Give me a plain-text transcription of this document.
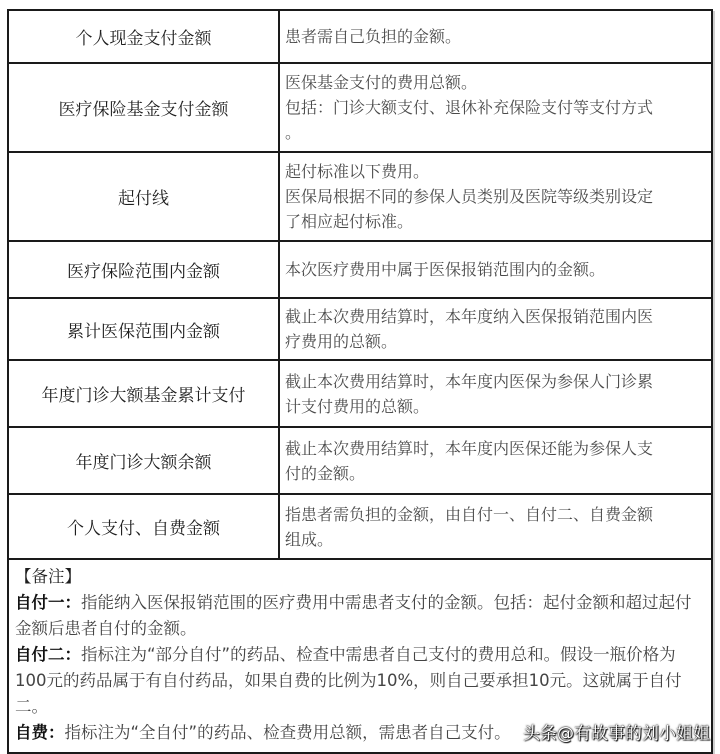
个人现金支付金额	患者需自己负担的金额。

医疗保险基金支付金额	医保基金支付的费用总额。
包括：门诊大额支付、退休补充保险支付等支付方式
。

起付线	起付标准以下费用。
医保局根据不同的参保人员类别及医院等级类别设定
了相应起付标准。

医疗保险范围内金额	本次医疗费用中属于医保报销范围内的金额。

累计医保范围内金额	截止本次费用结算时，本年度纳入医保报销范围内医
疗费用的总额。

年度门诊大额基金累计支付	截止本次费用结算时，本年度内医保为参保人门诊累
计支付费用的总额。

年度门诊大额余额	截止本次费用结算时，本年度内医保还能为参保人支
付的金额。

个人支付、自费金额	指患者需负担的金额，由自付一、自付二、自费金额
组成。
【备注】
自付一：指能纳入医保报销范围的医疗费用中需患者支付的金额。包括：起付金额和超过起付金额后患者自付的金额。
自付二：指标注为“部分自付”的药品、检查中需患者自己支付的费用总和。假设一瓶价格为100元的药品属于有自付药品，如果自费的比例为10%，则自己要承担10元。这就属于自付二。
自费：指标注为“全自付”的药品、检查费用总额，需患者自己支付。 头条@有故事的刘小姐姐
